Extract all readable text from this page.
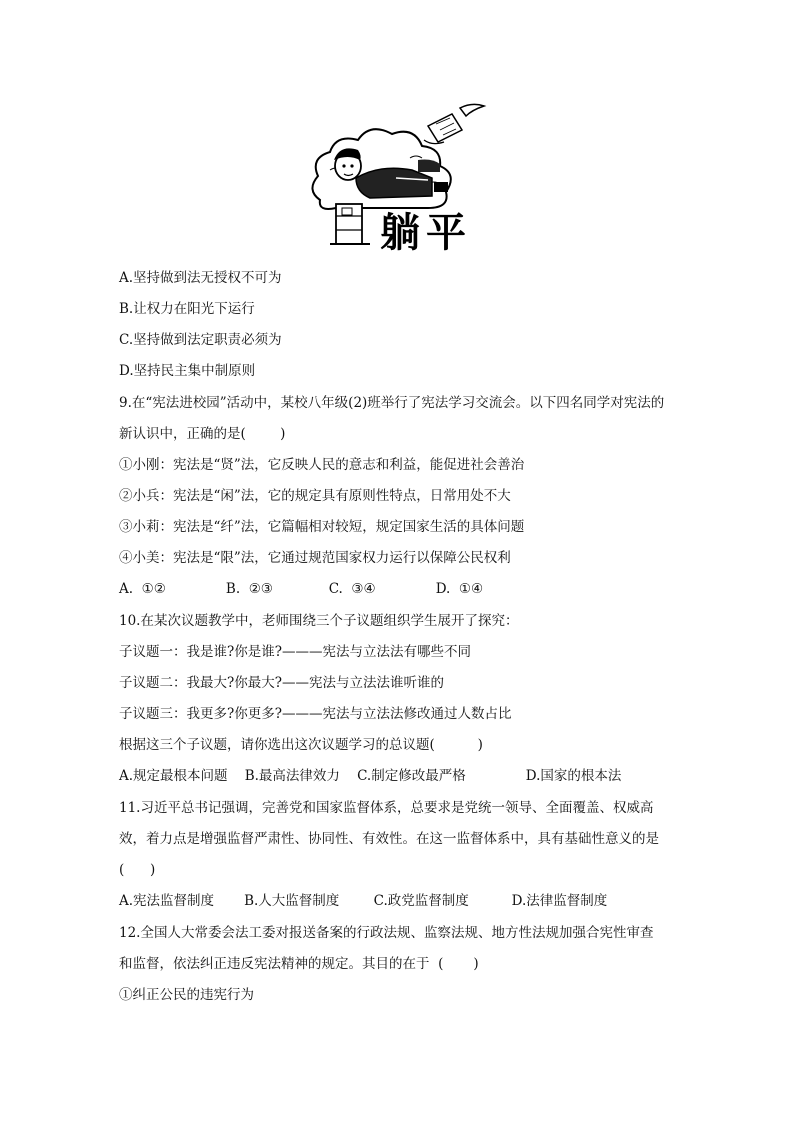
躺平
A.坚持做到法无授权不可为
B.让权力在阳光下运行
C.坚持做到法定职责必须为
D.坚持民主集中制原则
9.在“宪法进校园”活动中，某校八年级(2)班举行了宪法学习交流会。以下四名同学对宪法的
新认识中，正确的是(        )
①小刚：宪法是“贤”法，它反映人民的意志和利益，能促进社会善治
②小兵：宪法是“闲”法，它的规定具有原则性特点，日常用处不大
③小莉：宪法是“纤”法，它篇幅相对较短，规定国家生活的具体问题
④小美：宪法是“限”法，它通过规范国家权力运行以保障公民权利
A.  ①②              B.  ②③             C.  ③④              D.  ①④
10.在某次议题教学中，老师围绕三个子议题组织学生展开了探究：
子议题一：我是谁?你是谁?———宪法与立法法有哪些不同
子议题二：我最大?你最大?——宪法与立法法谁听谁的
子议题三：我更多?你更多?———宪法与立法法修改通过人数占比
根据这三个子议题，请你选出这次议题学习的总议题(          )
A.规定最根本问题    B.最高法律效力    C.制定修改最严格              D.国家的根本法
11.习近平总书记强调，完善党和国家监督体系，总要求是党统一领导、全面覆盖、权威高
效，着力点是增强监督严肃性、协同性、有效性。在这一监督体系中，具有基础性意义的是
(      )
A.宪法监督制度       B.人大监督制度        C.政党监督制度          D.法律监督制度
12.全国人大常委会法工委对报送备案的行政法规、监察法规、地方性法规加强合宪性审查
和监督，依法纠正违反宪法精神的规定。其目的在于  (       )
①纠正公民的违宪行为
